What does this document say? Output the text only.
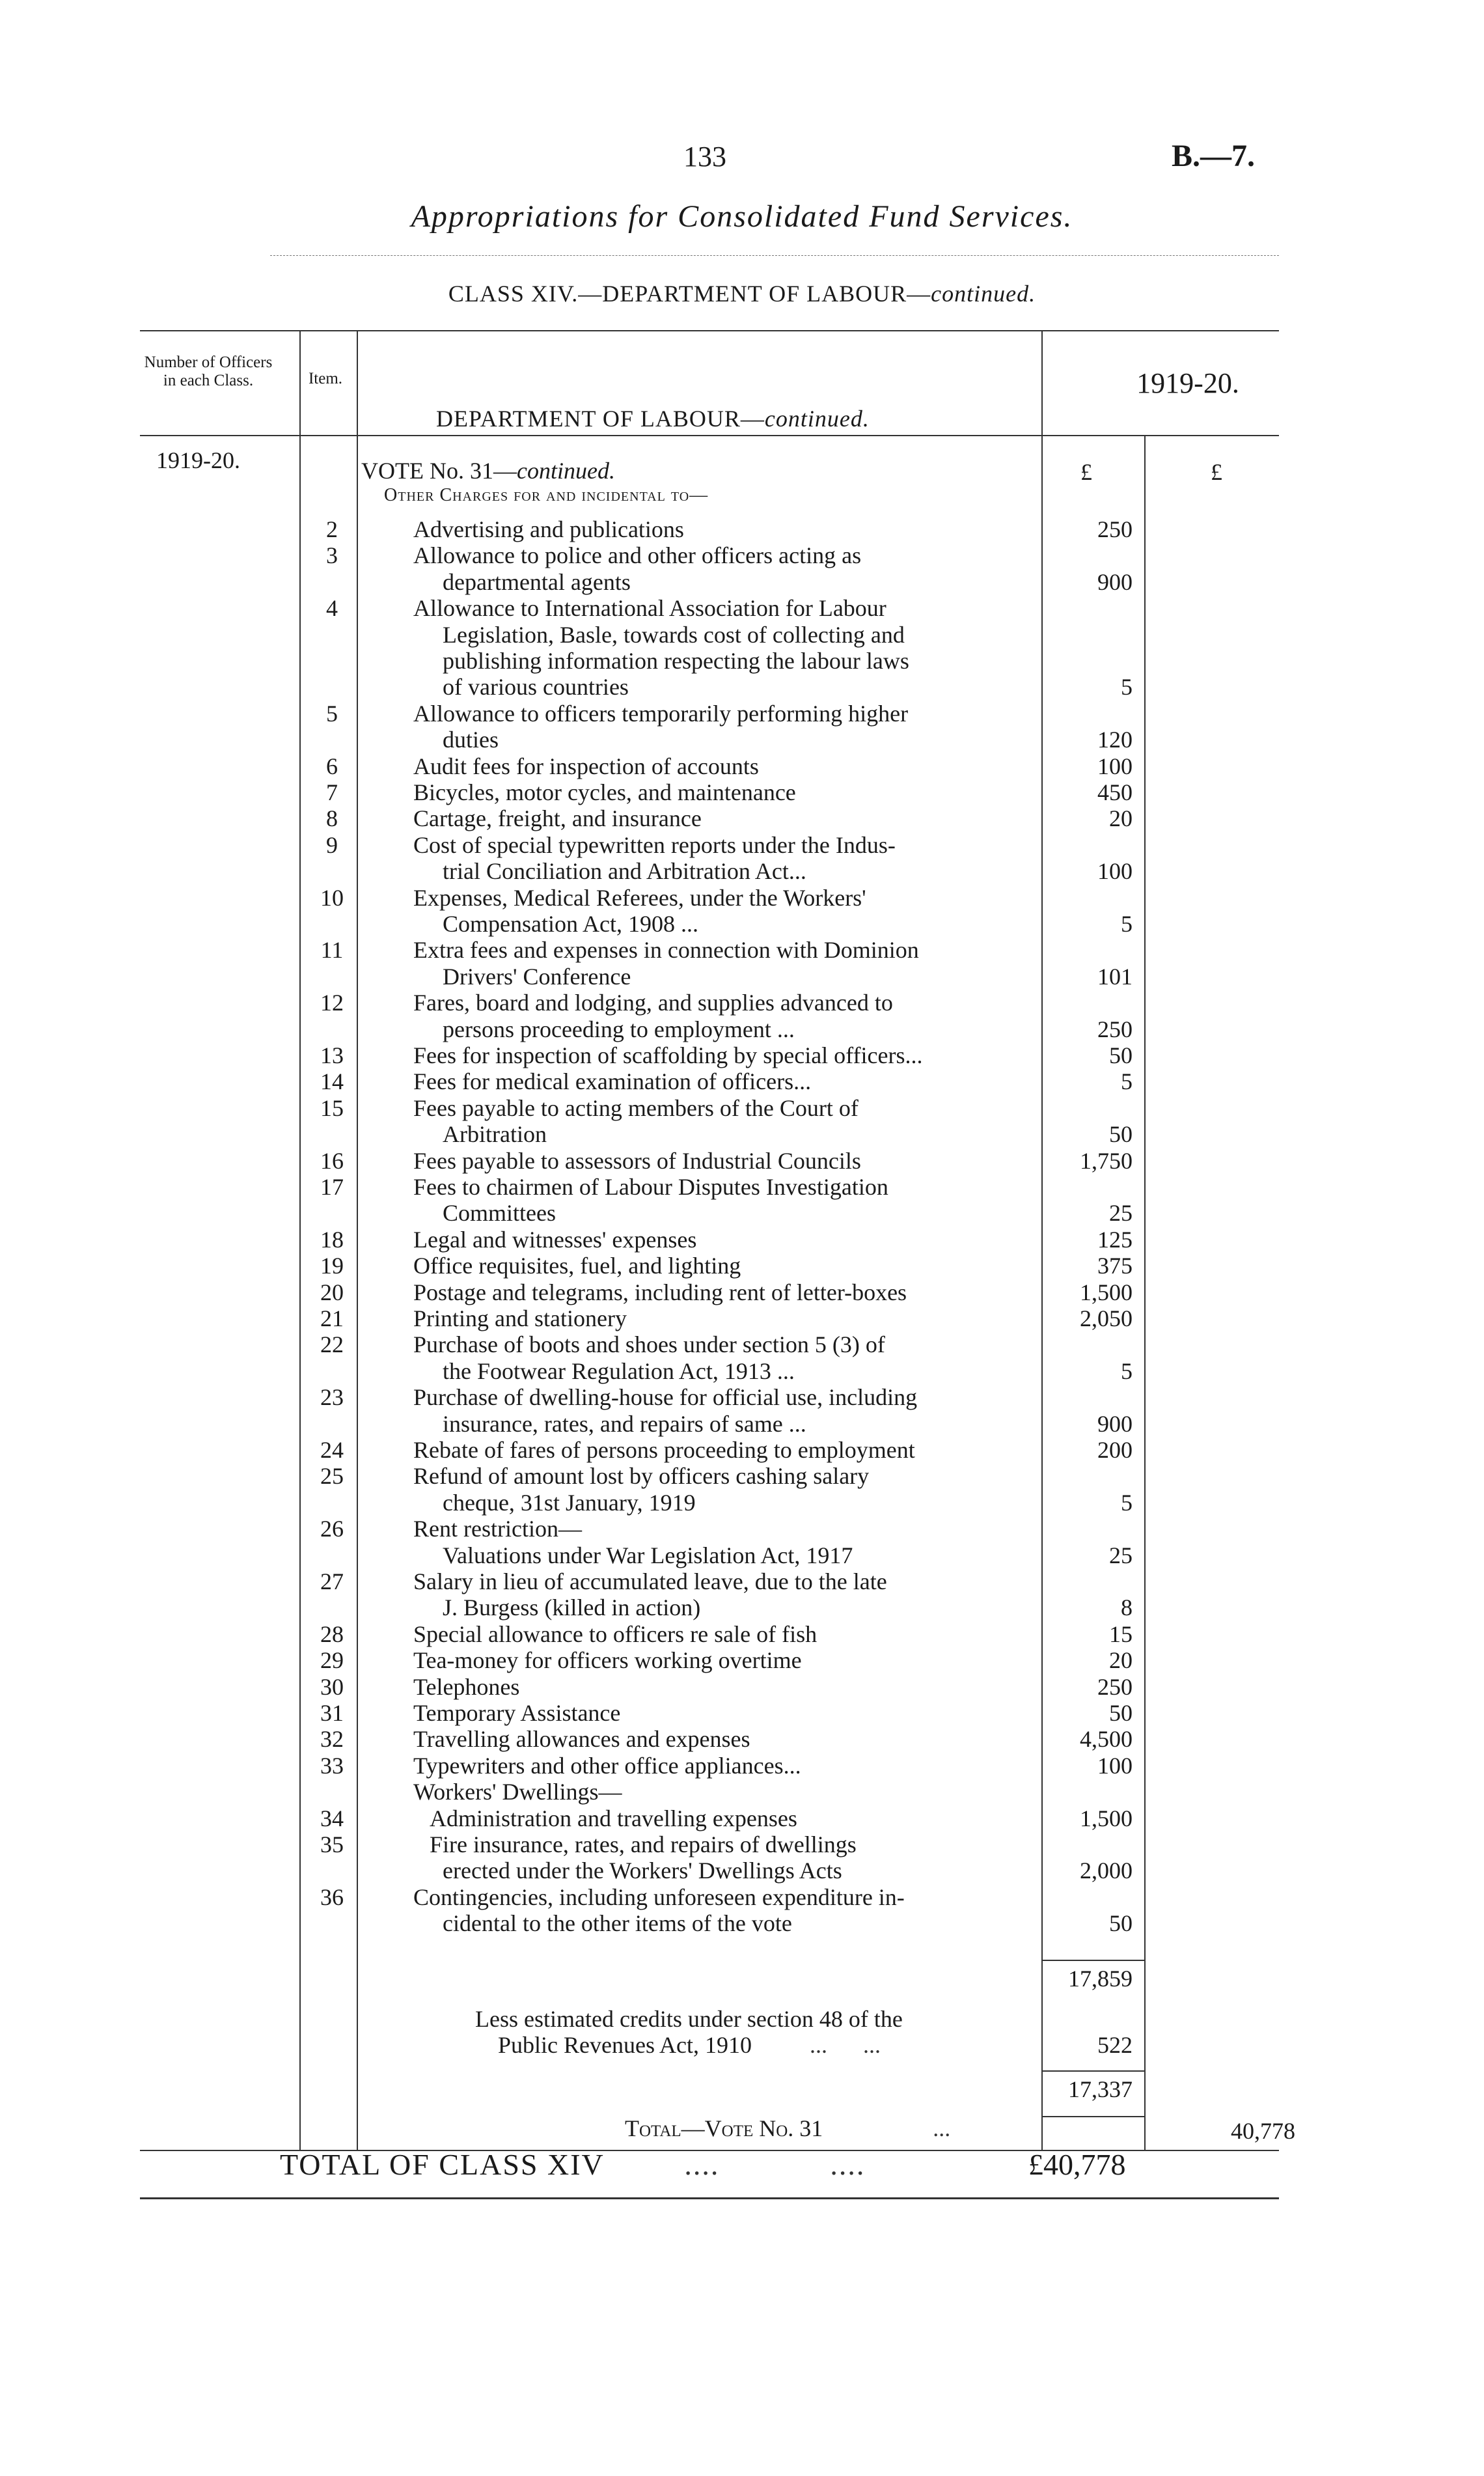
133	B.—7.
Appropriations for Consolidated Fund Services.
CLASS XIV.—DEPARTMENT OF LABOUR—continued.
Number of Officers in each Class.	Item.
DEPARTMENT OF LABOUR—continued.
1919-20.
1919-20.	£	£
VOTE No. 31—continued.
Other Charges for and incidental to—
2	Advertising and publications	250
3	Allowance to police and other officers acting as
departmental agents	900
4	Allowance to International Association for Labour
Legislation, Basle, towards cost of collecting and
publishing information respecting the labour laws
of various countries	5
5	Allowance to officers temporarily performing higher
duties	120
6	Audit fees for inspection of accounts	100
7	Bicycles, motor cycles, and maintenance	450
8	Cartage, freight, and insurance	20
9	Cost of special typewritten reports under the Indus-
trial Conciliation and Arbitration Act...	100
10	Expenses, Medical Referees, under the Workers'
Compensation Act, 1908 ...	5
11	Extra fees and expenses in connection with Dominion
Drivers' Conference	101
12	Fares, board and lodging, and supplies advanced to
persons proceeding to employment ...	250
13	Fees for inspection of scaffolding by special officers...	50
14	Fees for medical examination of officers...	5
15	Fees payable to acting members of the Court of
Arbitration	50
16	Fees payable to assessors of Industrial Councils	1,750
17	Fees to chairmen of Labour Disputes Investigation
Committees	25
18	Legal and witnesses' expenses	125
19	Office requisites, fuel, and lighting	375
20	Postage and telegrams, including rent of letter-boxes	1,500
21	Printing and stationery	2,050
22	Purchase of boots and shoes under section 5 (3) of
the Footwear Regulation Act, 1913 ...	5
23	Purchase of dwelling-house for official use, including
insurance, rates, and repairs of same ...	900
24	Rebate of fares of persons proceeding to employment	200
25	Refund of amount lost by officers cashing salary
cheque, 31st January, 1919	5
26	Rent restriction—
Valuations under War Legislation Act, 1917	25
27	Salary in lieu of accumulated leave, due to the late
J. Burgess (killed in action)	8
28	Special allowance to officers re sale of fish	15
29	Tea-money for officers working overtime	20
30	Telephones	250
31	Temporary Assistance	50
32	Travelling allowances and expenses	4,500
33	Typewriters and other office appliances...	100
Workers' Dwellings—
34	Administration and travelling expenses	1,500
35	Fire insurance, rates, and repairs of dwellings
erected under the Workers' Dwellings Acts	2,000
36	Contingencies, including unforeseen expenditure in-
cidental to the other items of the vote	50
17,859
Less estimated credits under section 48 of the
Public Revenues Act, 1910 ... ...	522
17,337
Total—Vote No. 31	...	40,778
TOTAL OF CLASS XIV	....	....	£40,778
